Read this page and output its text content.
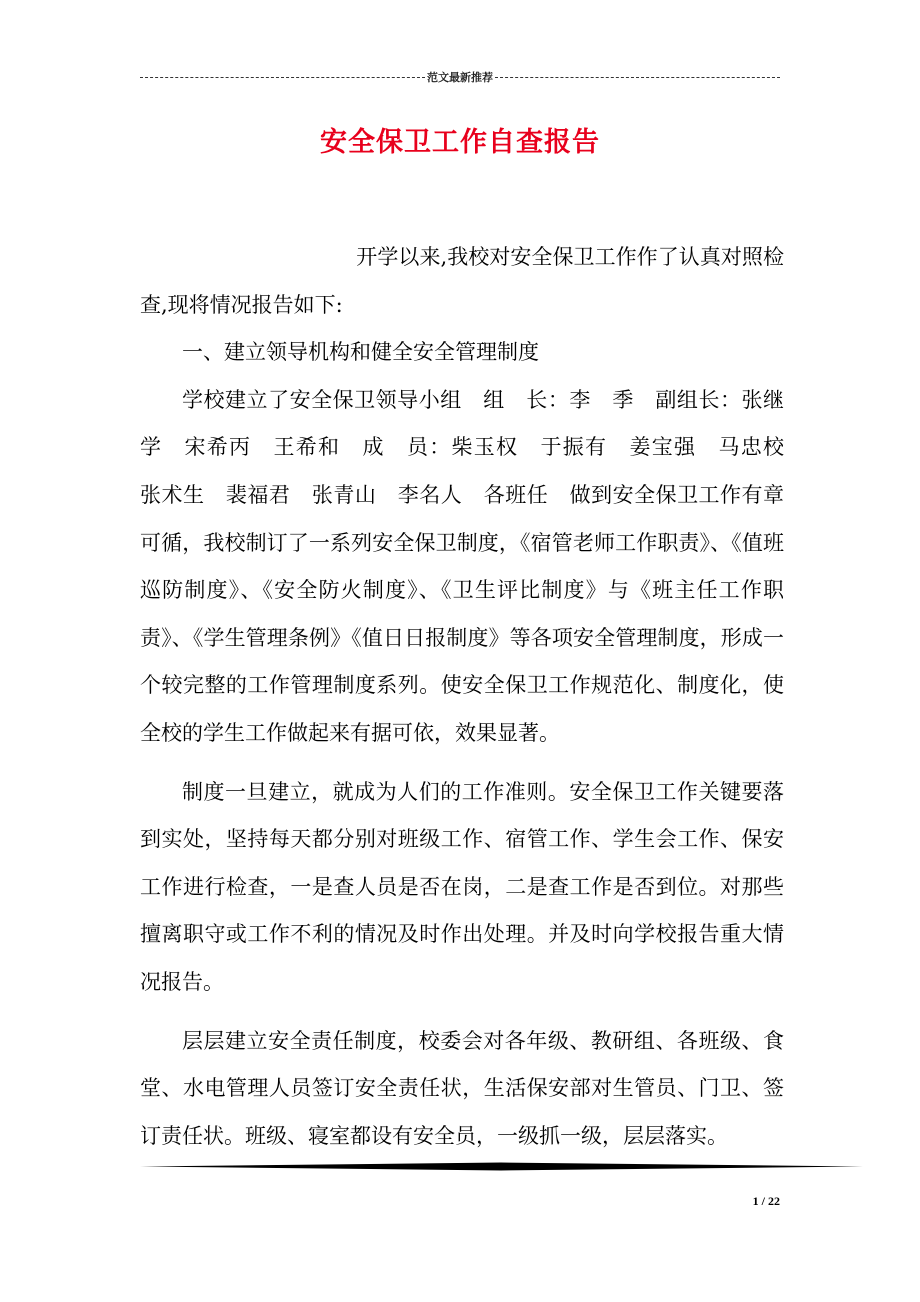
范文最新推荐
安全保卫工作自查报告

开学以来,我校对安全保卫工作作了认真对照检查,现将情况报告如下:

一、建立领导机构和健全安全管理制度

学校建立了安全保卫领导小组　组　长：李　季　副组长：张继学　宋希丙　王希和　成　员：柴玉权　于振有　姜宝强　马忠校　张术生　裴福君　张青山　李名人　各班任　做到安全保卫工作有章可循，我校制订了一系列安全保卫制度，《宿管老师工作职责》、《值班巡防制度》、《安全防火制度》、《卫生评比制度》与《班主任工作职责》、《学生管理条例》《值日日报制度》等各项安全管理制度，形成一个较完整的工作管理制度系列。使安全保卫工作规范化、制度化，使全校的学生工作做起来有据可依，效果显著。

制度一旦建立，就成为人们的工作准则。安全保卫工作关键要落到实处，坚持每天都分别对班级工作、宿管工作、学生会工作、保安工作进行检查，一是查人员是否在岗，二是查工作是否到位。对那些擅离职守或工作不利的情况及时作出处理。并及时向学校报告重大情况报告。

层层建立安全责任制度，校委会对各年级、教研组、各班级、食堂、水电管理人员签订安全责任状，生活保安部对生管员、门卫、签订责任状。班级、寝室都设有安全员，一级抓一级，层层落实。

1 / 22
